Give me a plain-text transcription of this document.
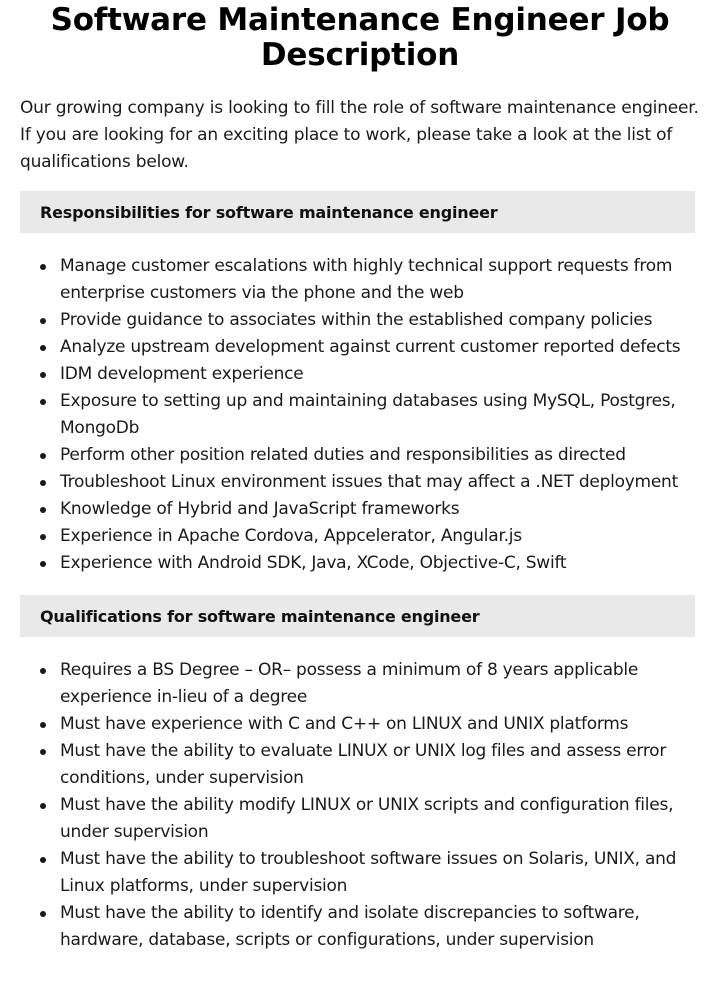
Software Maintenance Engineer Job Description

Our growing company is looking to fill the role of software maintenance engineer. If you are looking for an exciting place to work, please take a look at the list of qualifications below.

Responsibilities for software maintenance engineer
Manage customer escalations with highly technical support requests from enterprise customers via the phone and the web
Provide guidance to associates within the established company policies
Analyze upstream development against current customer reported defects
IDM development experience
Exposure to setting up and maintaining databases using MySQL, Postgres, MongoDb
Perform other position related duties and responsibilities as directed
Troubleshoot Linux environment issues that may affect a .NET deployment
Knowledge of Hybrid and JavaScript frameworks
Experience in Apache Cordova, Appcelerator, Angular.js
Experience with Android SDK, Java, XCode, Objective-C, Swift
Qualifications for software maintenance engineer
Requires a BS Degree – OR– possess a minimum of 8 years applicable experience in-lieu of a degree
Must have experience with C and C++ on LINUX and UNIX platforms
Must have the ability to evaluate LINUX or UNIX log files and assess error conditions, under supervision
Must have the ability modify LINUX or UNIX scripts and configuration files, under supervision
Must have the ability to troubleshoot software issues on Solaris, UNIX, and Linux platforms, under supervision
Must have the ability to identify and isolate discrepancies to software, hardware, database, scripts or configurations, under supervision
